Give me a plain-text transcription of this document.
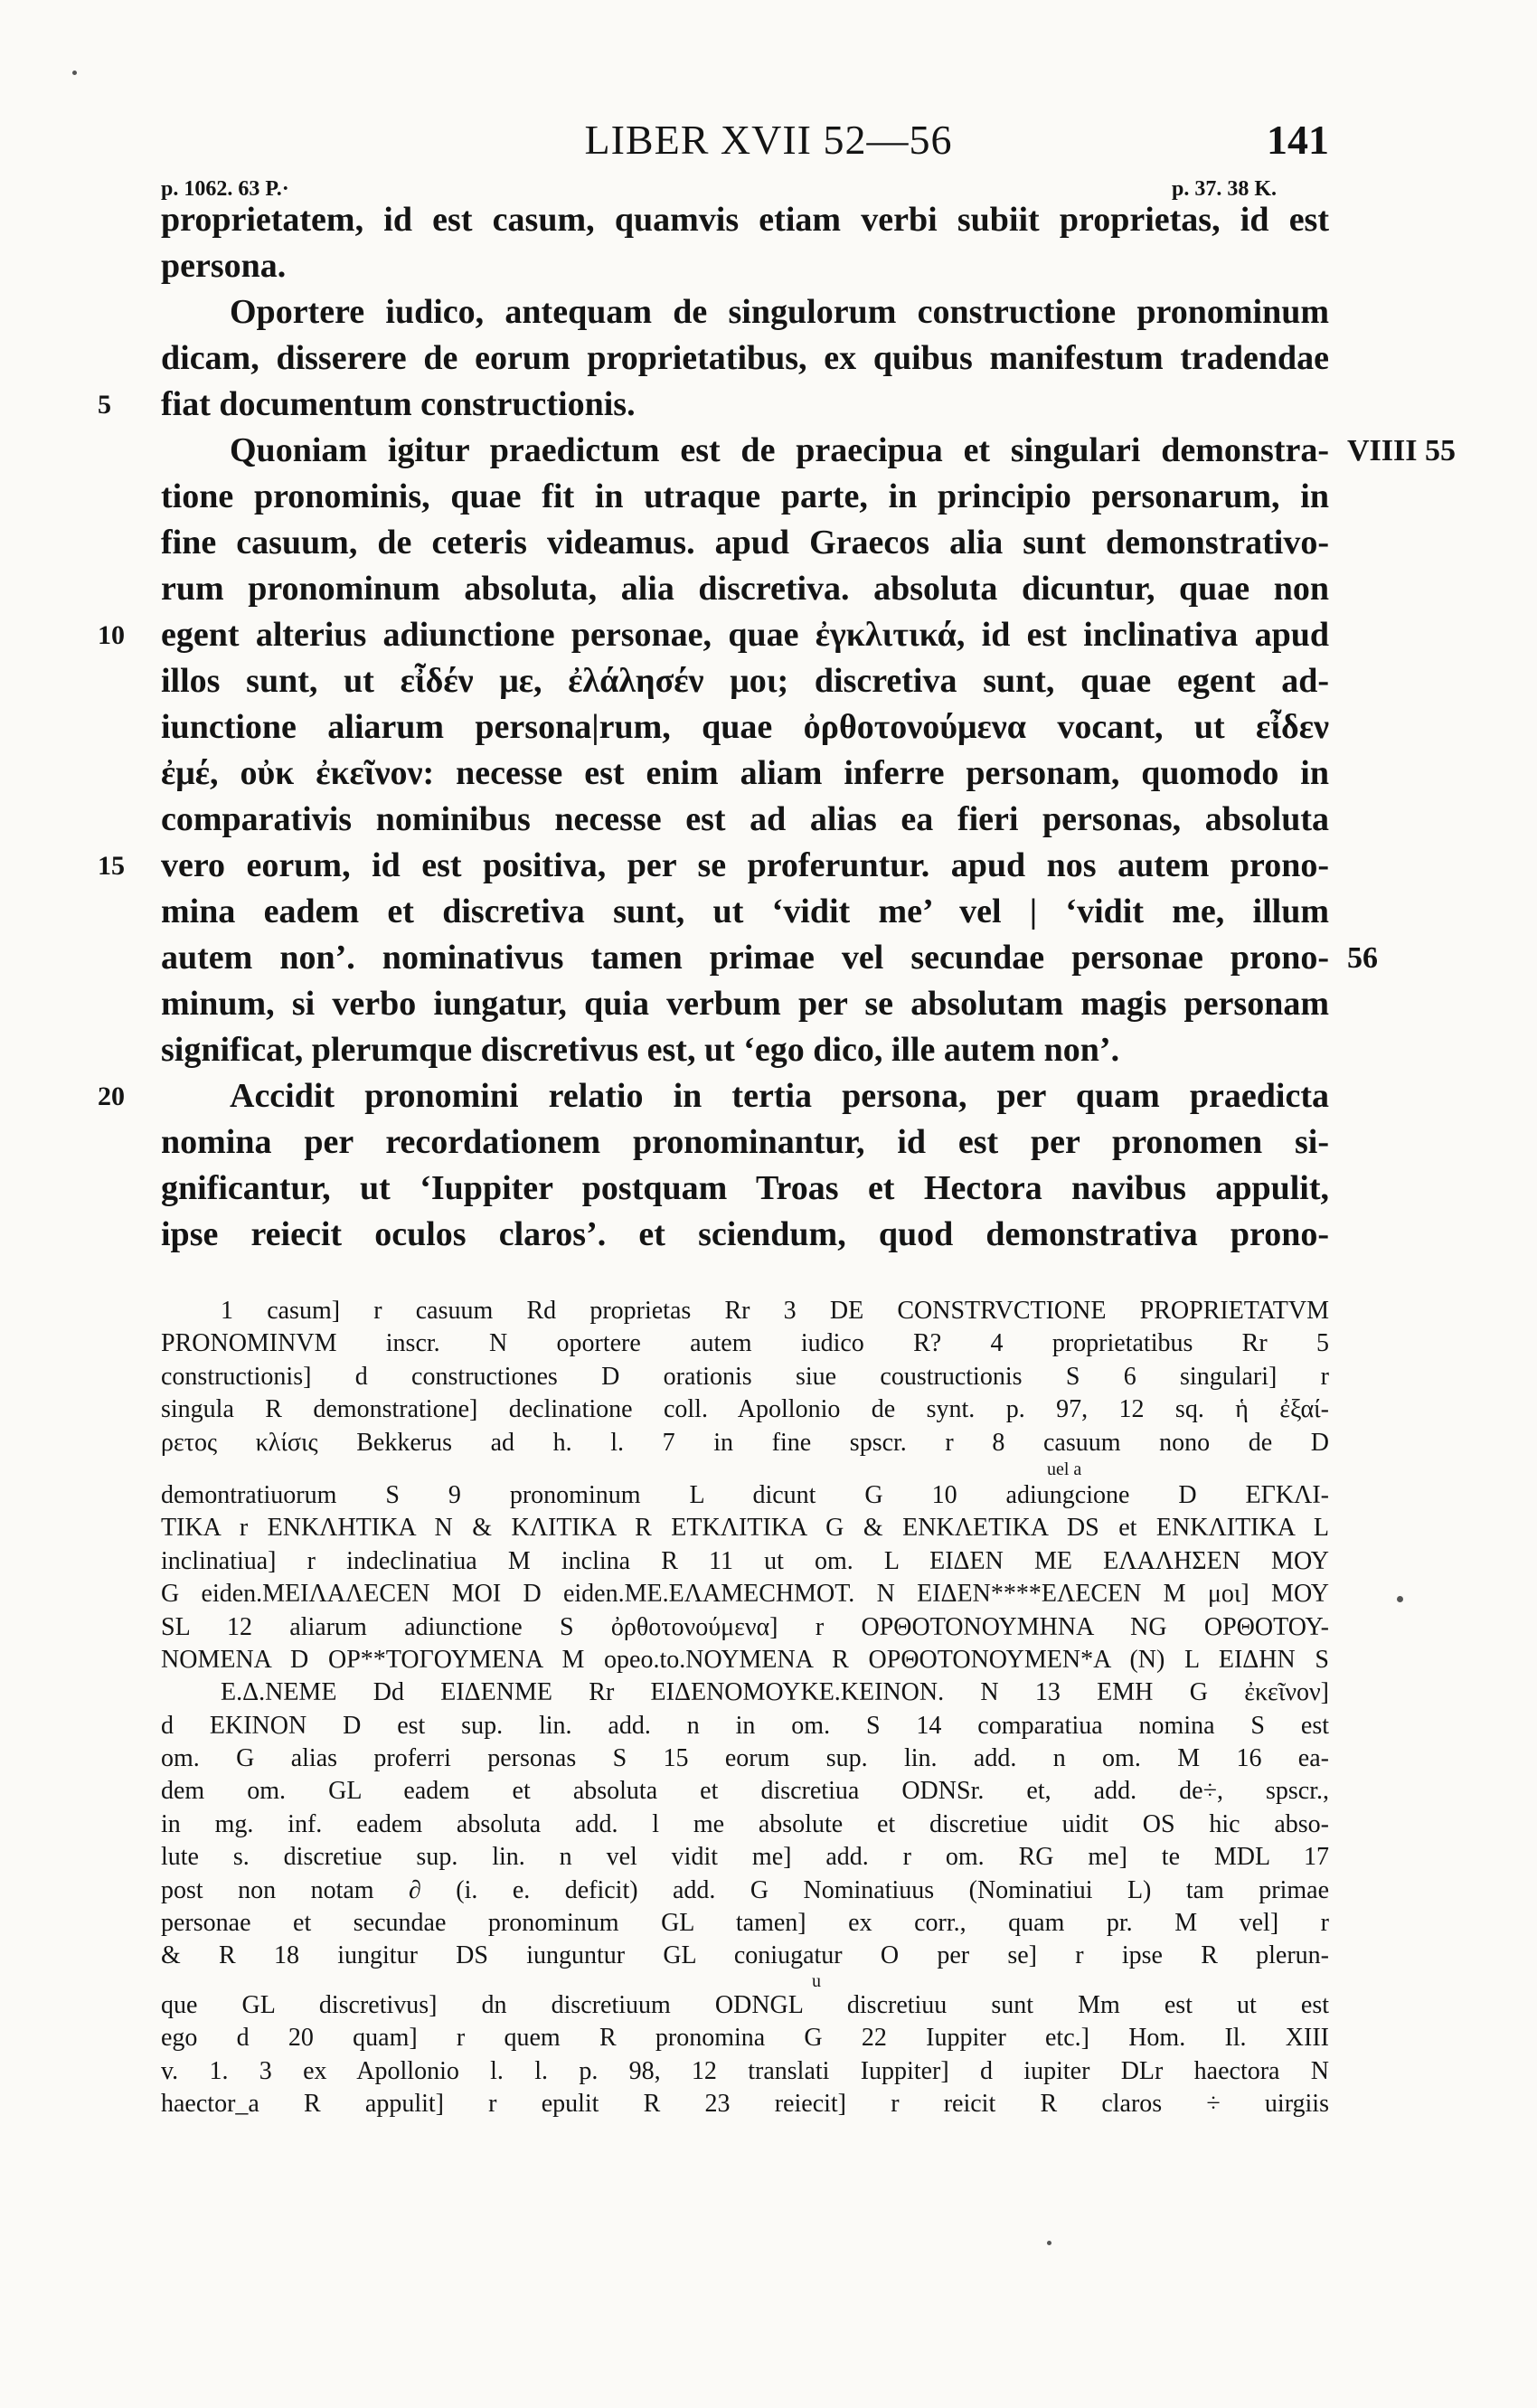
LIBER XVII 52—56	141
p. 1062. 63 P.·	p. 37. 38 K.
5
10
15
20
VIIII 55
56
proprietatem, id est casum, quamvis etiam verbi subiit proprietas, id est
persona.
Oportere iudico, antequam de singulorum constructione pronominum
dicam, disserere de eorum proprietatibus, ex quibus manifestum tradendae
fiat documentum constructionis.
Quoniam igitur praedictum est de praecipua et singulari demonstra-
tione pronominis, quae fit in utraque parte, in principio personarum, in
fine casuum, de ceteris videamus. apud Graecos alia sunt demonstrativo-
rum pronominum absoluta, alia discretiva. absoluta dicuntur, quae non
egent alterius adiunctione personae, quae ἐγκλιτικά, id est inclinativa apud
illos sunt, ut εἶδέν με, ἐλάλησέν μοι; discretiva sunt, quae egent ad-
iunctione aliarum persona|rum, quae ὀρθοτονούμενα vocant, ut εἶδεν
ἐμέ, οὐκ ἐκεῖνον: necesse est enim aliam inferre personam, quomodo in
comparativis nominibus necesse est ad alias ea fieri personas, absoluta
vero eorum, id est positiva, per se proferuntur. apud nos autem prono-
mina eadem et discretiva sunt, ut ‘vidit me’ vel | ‘vidit me, illum
autem non’. nominativus tamen primae vel secundae personae prono-
minum, si verbo iungatur, quia verbum per se absolutam magis personam
significat, plerumque discretivus est, ut ‘ego dico, ille autem non’.
Accidit pronomini relatio in tertia persona, per quam praedicta
nomina per recordationem pronominantur, id est per pronomen si-
gnificantur, ut ‘Iuppiter postquam Troas et Hectora navibus appulit,
ipse reiecit oculos claros’. et sciendum, quod demonstrativa prono-
1 casum] r casuum Rd proprietas Rr 3 DE CONSTRVCTIONE PROPRIETATVM
PRONOMINVM inscr. N oportere autem iudico R? 4 proprietatibus Rr 5
constructionis] d constructiones D orationis siue coustructionis S 6 singulari] r
singula R demonstratione] declinatione coll. Apollonio de synt. p. 97, 12 sq. ἡ ἐξαί-
ρετος κλίσις Bekkerus ad h. l. 7 in fine spscr. r 8 casuum nono de D
uel a
demontratiuorum S 9 pronominum L dicunt G 10 adiungcione D ΕΓΚΛΙ-
ΤΙΚΑ r ΕΝΚΛΗΤΙΚΑ N & ΚΛΙΤΙΚΑ R ΕΤΚΛΙΤΙΚΑ G & ΕΝΚΛΕΤΙΚΑ DS et ΕΝΚΛΙΤΙΚΑ L
inclinatiua] r indeclinatiua M inclina R 11 ut om. L ΕΙΔΕΝ ΜΕ ΕΛΑΛΗΣΕΝ ΜΟΥ
G eiden.ΜΕΙΛΑΛΕCΕΝ ΜΟΙ D eiden.ΜΕ.ΕΛΑΜΕCΗΜΟΤ. N ΕΙΔΕΝ****ΕΛΕCΕΝ M μοι] ΜΟΥ
SL 12 aliarum adiunctione S ὀρθοτονούμενα] r ΟΡΘΟΤΟΝΟΥΜΗΝΑ NG ΟΡΘΟΤΟΥ-
ΝΟΜΕΝΑ D ΟΡ**ΤΟΓΟΥΜΕΝΑ M opeo.to.ΝΟΥΜΕΝΑ R ΟΡΘΟΤΟΝΟΥΜΕΝ*Α (Ν) L ΕΙΔΗΝ S
Ε.Δ.ΝΕΜΕ Dd ΕΙΔΕΝΜΕ Rr ΕΙΔΕΝΟΜΟΥΚΕ.ΚΕΙΝΟΝ. N 13 ΕΜΗ G ἐκεῖνον]
d ΕΚΙΝΟΝ D est sup. lin. add. n in om. S 14 comparatiua nomina S est
om. G alias proferri personas S 15 eorum sup. lin. add. n om. M 16 ea-
dem om. GL eadem et absoluta et discretiua ODNSr. et, add. de÷, spscr.,
in mg. inf. eadem absoluta add. l me absolute et discretiue uidit OS hic abso-
lute s. discretiue sup. lin. n vel vidit me] add. r om. RG me] te MDL 17
post non notam ∂ (i. e. deficit) add. G Nominatiuus (Nominatiui L) tam primae
personae et secundae pronominum GL tamen] ex corr., quam pr. M vel] r
& R 18 iungitur DS iunguntur GL coniugatur O per se] r ipse R plerun-
u
que GL discretivus] dn discretiuum ODNGL discretiuu sunt Mm est ut est
ego d 20 quam] r quem R pronomina G 22 Iuppiter etc.] Hom. Il. XIII
v. 1. 3 ex Apollonio l. l. p. 98, 12 translati Iuppiter] d iupiter DLr haectora N
haector_a R appulit] r epulit R 23 reiecit] r reicit R claros ÷ uirgiis
